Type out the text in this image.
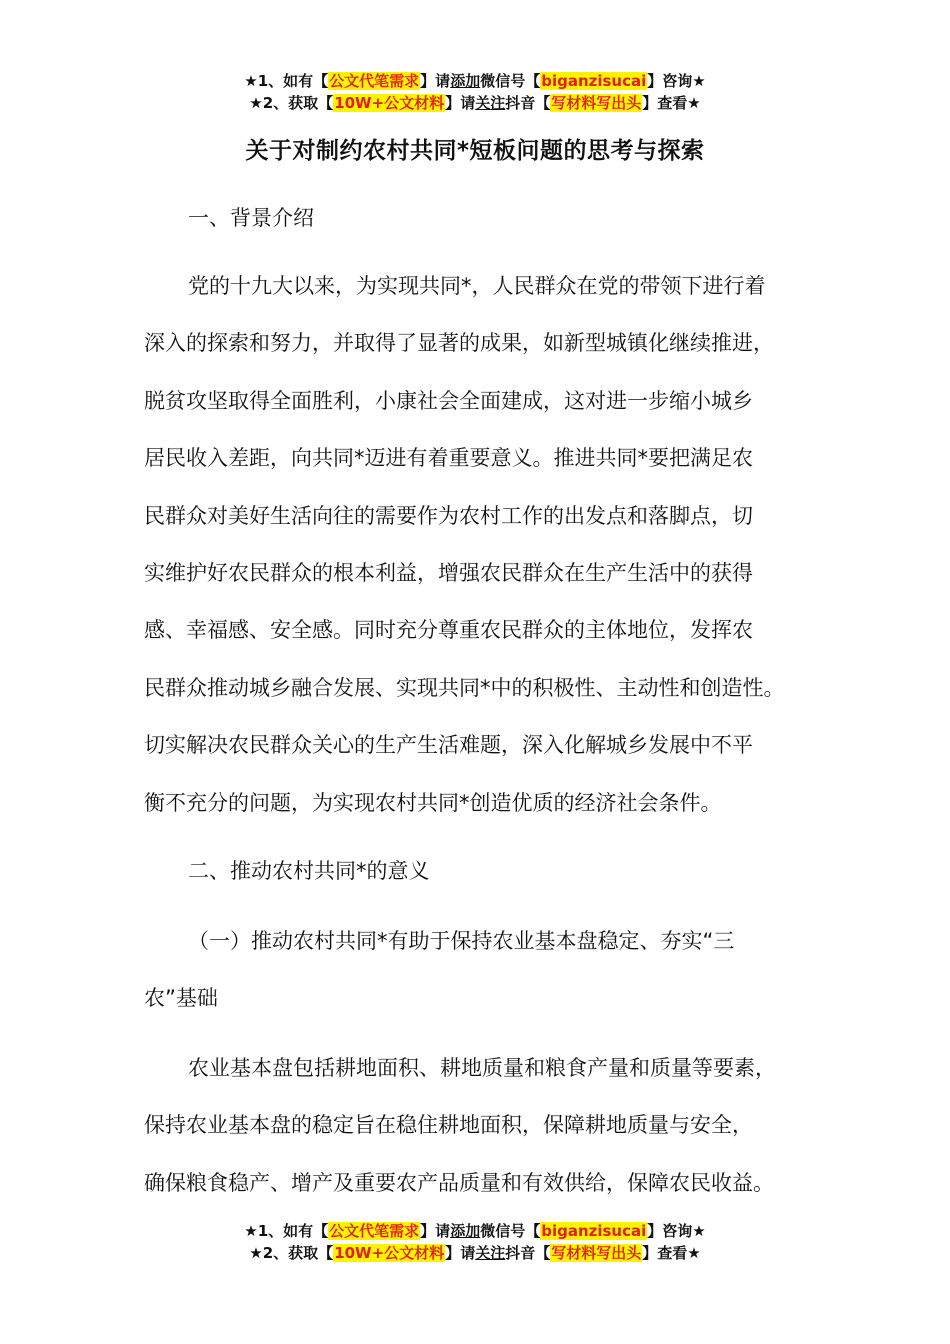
★1、如有【公文代笔需求】请添加微信号【biganzisucai】咨询★
★2、获取【10W+公文材料】请关注抖音【写材料写出头】查看★
关于对制约农村共同*短板问题的思考与探索
一、背景介绍
党的十九大以来，为实现共同*，人民群众在党的带领下进行着
深入的探索和努力，并取得了显著的成果，如新型城镇化继续推进，
脱贫攻坚取得全面胜利，小康社会全面建成，这对进一步缩小城乡
居民收入差距，向共同*迈进有着重要意义。推进共同*要把满足农
民群众对美好生活向往的需要作为农村工作的出发点和落脚点，切
实维护好农民群众的根本利益，增强农民群众在生产生活中的获得
感、幸福感、安全感。同时充分尊重农民群众的主体地位，发挥农
民群众推动城乡融合发展、实现共同*中的积极性、主动性和创造性。
切实解决农民群众关心的生产生活难题，深入化解城乡发展中不平
衡不充分的问题，为实现农村共同*创造优质的经济社会条件。
二、推动农村共同*的意义
（一）推动农村共同*有助于保持农业基本盘稳定、夯实“三
农”基础
农业基本盘包括耕地面积、耕地质量和粮食产量和质量等要素，
保持农业基本盘的稳定旨在稳住耕地面积，保障耕地质量与安全，
确保粮食稳产、增产及重要农产品质量和有效供给，保障农民收益。
★1、如有【公文代笔需求】请添加微信号【biganzisucai】咨询★
★2、获取【10W+公文材料】请关注抖音【写材料写出头】查看★
